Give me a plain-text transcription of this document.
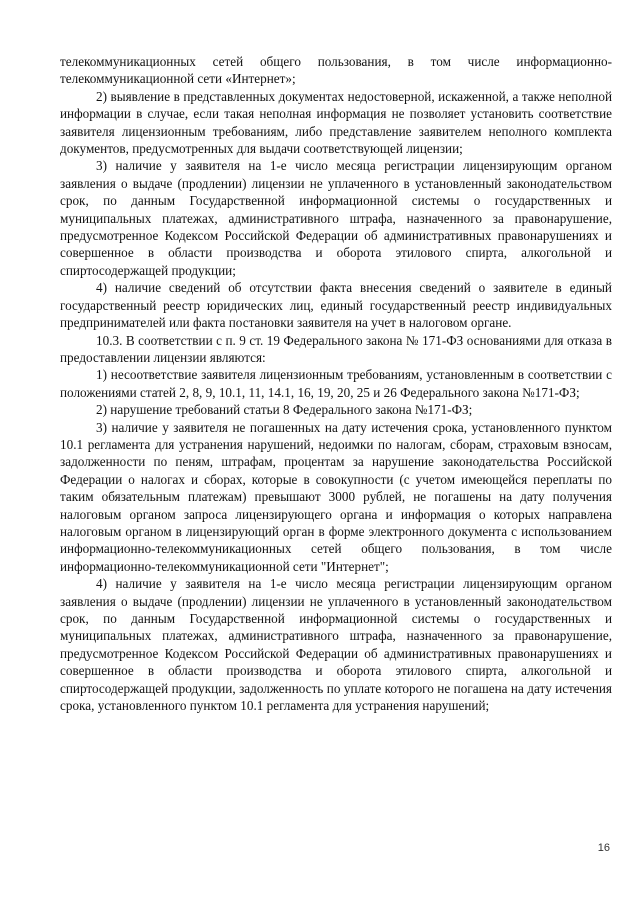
телекоммуникационных сетей общего пользования, в том числе информационно-телекоммуникационной сети «Интернет»;

2) выявление в представленных документах недостоверной, искаженной, а также неполной информации в случае, если такая неполная информация не позволяет установить соответствие заявителя лицензионным требованиям, либо представление заявителем неполного комплекта документов, предусмотренных для выдачи соответствующей лицензии;

3) наличие у заявителя на 1-е число месяца регистрации лицензирующим органом заявления о выдаче (продлении) лицензии не уплаченного в установленный законодательством срок, по данным Государственной информационной системы о государственных и муниципальных платежах, административного штрафа, назначенного за правонарушение, предусмотренное Кодексом Российской Федерации об административных правонарушениях и совершенное в области производства и оборота этилового спирта, алкогольной и спиртосодержащей продукции;

4) наличие сведений об отсутствии факта внесения сведений о заявителе в единый государственный реестр юридических лиц, единый государственный реестр индивидуальных предпринимателей или факта постановки заявителя на учет в налоговом органе.

10.3. В соответствии с п. 9 ст. 19 Федерального закона № 171-ФЗ основаниями для отказа в предоставлении лицензии являются:

1) несоответствие заявителя лицензионным требованиям, установленным в соответствии с положениями статей 2, 8, 9, 10.1, 11, 14.1, 16, 19, 20, 25 и 26 Федерального закона №171-ФЗ;

2) нарушение требований статьи 8 Федерального закона №171-ФЗ;

3) наличие у заявителя не погашенных на дату истечения срока, установленного пунктом 10.1 регламента для устранения нарушений, недоимки по налогам, сборам, страховым взносам, задолженности по пеням, штрафам, процентам за нарушение законодательства Российской Федерации о налогах и сборах, которые в совокупности (с учетом имеющейся переплаты по таким обязательным платежам) превышают 3000 рублей, не погашены на дату получения налоговым органом запроса лицензирующего органа и информация о которых направлена налоговым органом в лицензирующий орган в форме электронного документа с использованием информационно-телекоммуникационных сетей общего пользования, в том числе информационно-телекоммуникационной сети "Интернет";

4) наличие у заявителя на 1-е число месяца регистрации лицензирующим органом заявления о выдаче (продлении) лицензии не уплаченного в установленный законодательством срок, по данным Государственной информационной системы о государственных и муниципальных платежах, административного штрафа, назначенного за правонарушение, предусмотренное Кодексом Российской Федерации об административных правонарушениях и совершенное в области производства и оборота этилового спирта, алкогольной и спиртосодержащей продукции, задолженность по уплате которого не погашена на дату истечения срока, установленного пунктом 10.1 регламента для устранения нарушений;

16
